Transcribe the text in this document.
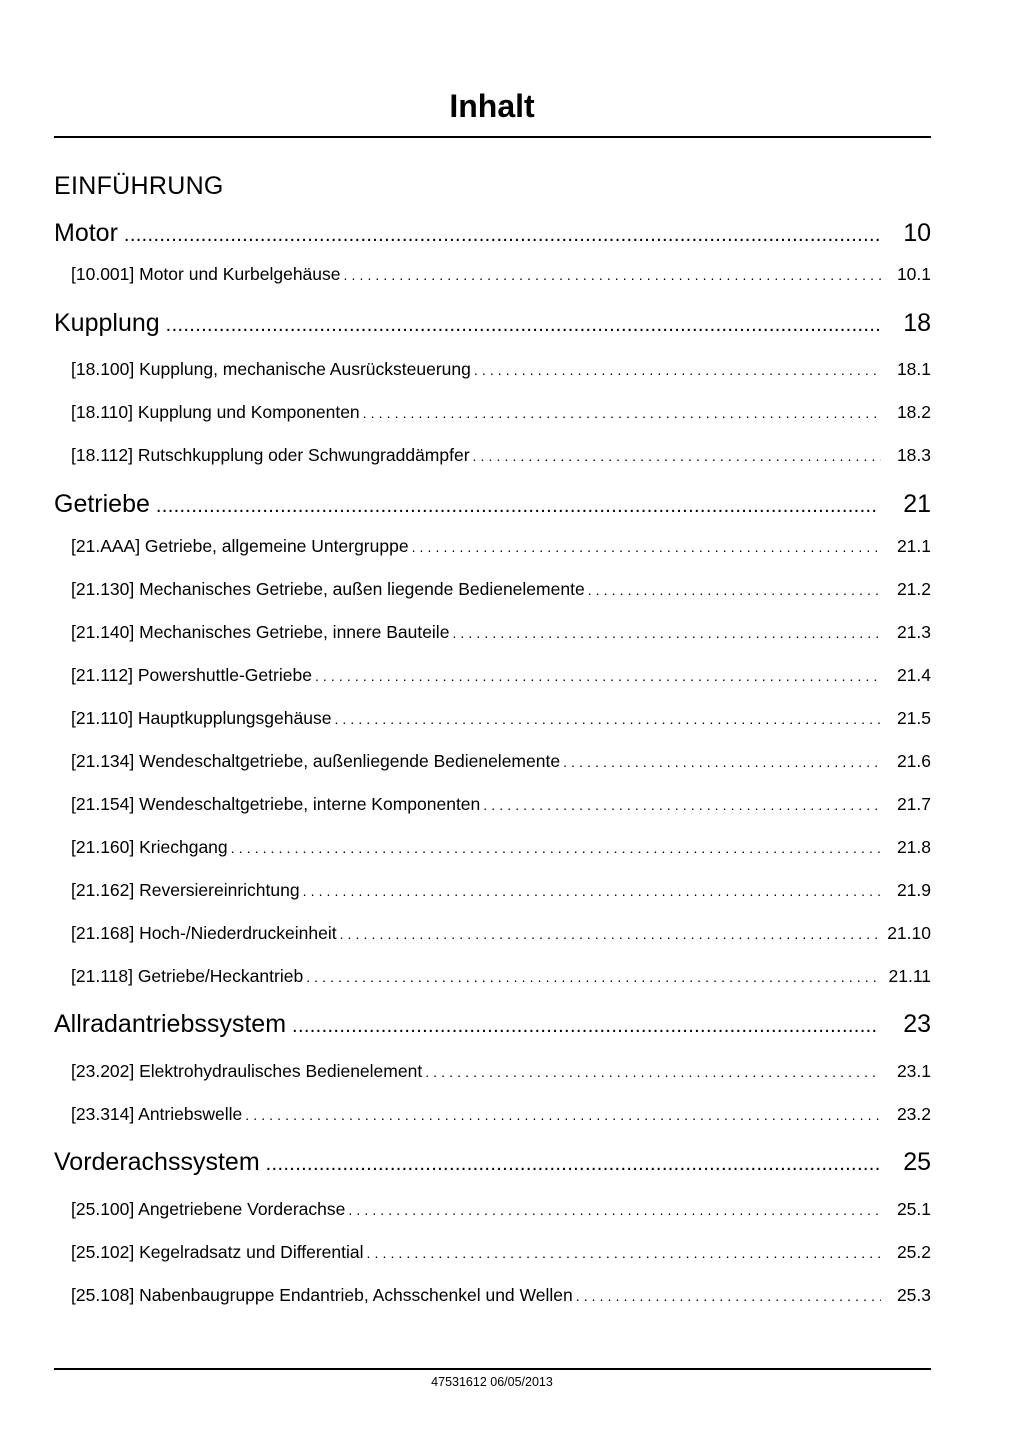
Inhalt
EINFÜHRUNG
Motor . . .	10
[10.001] Motor und Kurbelgehäuse . . .	10.1
Kupplung . . .	18
[18.100] Kupplung, mechanische Ausrücksteuerung . . .	18.1
[18.110] Kupplung und Komponenten . . .	18.2
[18.112] Rutschkupplung oder Schwungraddämpfer . . .	18.3
Getriebe . . .	21
[21.AAA] Getriebe, allgemeine Untergruppe . . .	21.1
[21.130] Mechanisches Getriebe, außen liegende Bedienelemente . . .	21.2
[21.140] Mechanisches Getriebe, innere Bauteile . . .	21.3
[21.112] Powershuttle-Getriebe . . .	21.4
[21.110] Hauptkupplungsgehäuse . . .	21.5
[21.134] Wendeschaltgetriebe, außenliegende Bedienelemente . . .	21.6
[21.154] Wendeschaltgetriebe, interne Komponenten . . .	21.7
[21.160] Kriechgang . . .	21.8
[21.162] Reversiereinrichtung . . .	21.9
[21.168] Hoch-/Niederdruckeinheit . . .	21.10
[21.118] Getriebe/Heckantrieb . . .	21.11
Allradantriebssystem . . .	23
[23.202] Elektrohydraulisches Bedienelement . . .	23.1
[23.314] Antriebswelle . . .	23.2
Vorderachssystem . . .	25
[25.100] Angetriebene Vorderachse . . .	25.1
[25.102] Kegelradsatz und Differential . . .	25.2
[25.108] Nabenbaugruppe Endantrieb, Achsschenkel und Wellen . . .	25.3
47531612 06/05/2013
